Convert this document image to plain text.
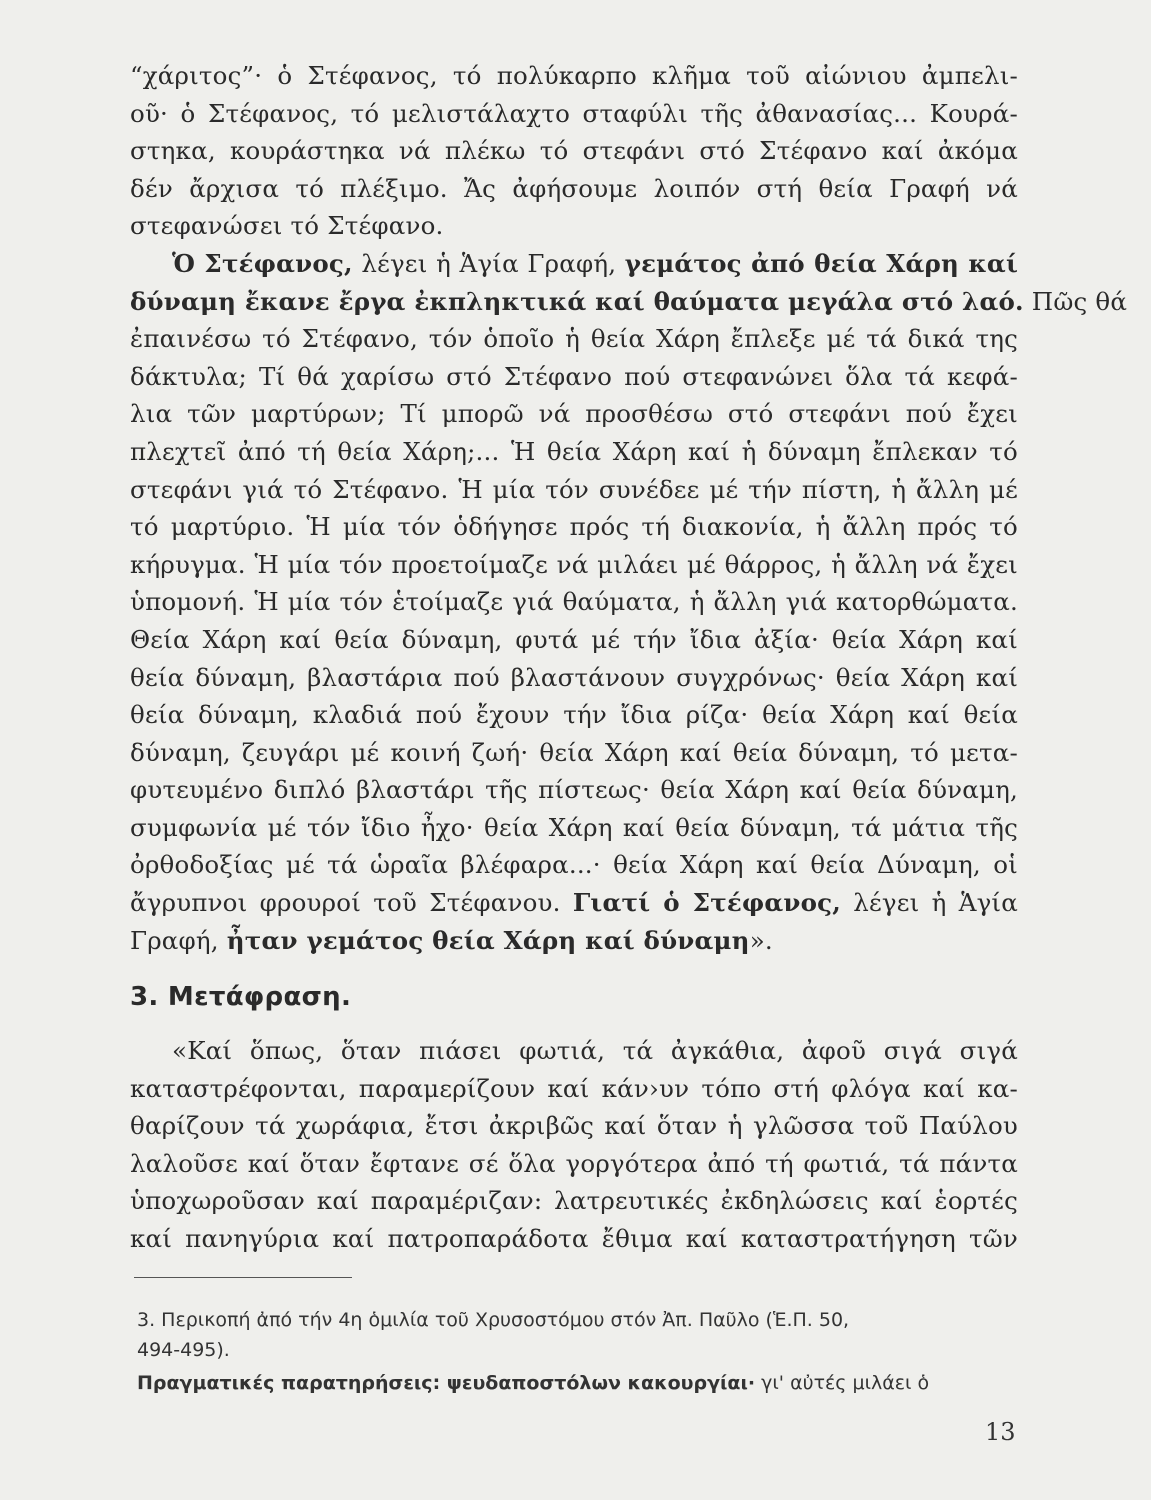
“χάριτος”· ὁ Στέφανος, τό πολύκαρπο κλῆμα τοῦ αἰώνιου ἀμπελι-
οῦ· ὁ Στέφανος, τό μελιστάλαχτο σταφύλι τῆς ἀθανασίας... Κουρά-
στηκα, κουράστηκα νά πλέκω τό στεφάνι στό Στέφανο καί ἀκόμα
δέν ἄρχισα τό πλέξιμο. Ἄς ἀφήσουμε λοιπόν στή θεία Γραφή νά
στεφανώσει τό Στέφανο.
Ὁ Στέφανος, λέγει ἡ Ἁγία Γραφή, γεμάτος ἀπό θεία Χάρη καί
δύναμη ἔκανε ἔργα ἐκπληκτικά καί θαύματα μεγάλα στό λαό. Πῶς θά
ἐπαινέσω τό Στέφανο, τόν ὁποῖο ἡ θεία Χάρη ἔπλεξε μέ τά δικά της
δάκτυλα; Τί θά χαρίσω στό Στέφανο πού στεφανώνει ὅλα τά κεφά-
λια τῶν μαρτύρων; Τί μπορῶ νά προσθέσω στό στεφάνι πού ἔχει
πλεχτεῖ ἀπό τή θεία Χάρη;... Ἡ θεία Χάρη καί ἡ δύναμη ἔπλεκαν τό
στεφάνι γιά τό Στέφανο. Ἡ μία τόν συνέδεε μέ τήν πίστη, ἡ ἄλλη μέ
τό μαρτύριο. Ἡ μία τόν ὁδήγησε πρός τή διακονία, ἡ ἄλλη πρός τό
κήρυγμα. Ἡ μία τόν προετοίμαζε νά μιλάει μέ θάρρος, ἡ ἄλλη νά ἔχει
ὑπομονή. Ἡ μία τόν ἑτοίμαζε γιά θαύματα, ἡ ἄλλη γιά κατορθώματα.
Θεία Χάρη καί θεία δύναμη, φυτά μέ τήν ἴδια ἀξία· θεία Χάρη καί
θεία δύναμη, βλαστάρια πού βλαστάνουν συγχρόνως· θεία Χάρη καί
θεία δύναμη, κλαδιά πού ἔχουν τήν ἴδια ρίζα· θεία Χάρη καί θεία
δύναμη, ζευγάρι μέ κοινή ζωή· θεία Χάρη καί θεία δύναμη, τό μετα-
φυτευμένο διπλό βλαστάρι τῆς πίστεως· θεία Χάρη καί θεία δύναμη,
συμφωνία μέ τόν ἴδιο ἦχο· θεία Χάρη καί θεία δύναμη, τά μάτια τῆς
ὀρθοδοξίας μέ τά ὡραῖα βλέφαρα...· θεία Χάρη καί θεία Δύναμη, οἱ
ἄγρυπνοι φρουροί τοῦ Στέφανου. Γιατί ὁ Στέφανος, λέγει ἡ Ἁγία
Γραφή, ἦταν γεμάτος θεία Χάρη καί δύναμη».
3. Μετάφραση.
«Καί ὅπως, ὅταν πιάσει φωτιά, τά ἀγκάθια, ἀφοῦ σιγά σιγά
καταστρέφονται, παραμερίζουν καί κάν›υν τόπο στή φλόγα καί κα-
θαρίζουν τά χωράφια, ἔτσι ἀκριβῶς καί ὅταν ἡ γλῶσσα τοῦ Παύλου
λαλοῦσε καί ὅταν ἔφτανε σέ ὅλα γοργότερα ἀπό τή φωτιά, τά πάντα
ὑποχωροῦσαν καί παραμέριζαν: λατρευτικές ἐκδηλώσεις καί ἑορτές
καί πανηγύρια καί πατροπαράδοτα ἔθιμα καί καταστρατήγηση τῶν
3. Περικοπή ἀπό τήν 4η ὁμιλία τοῦ Χρυσοστόμου στόν Ἀπ. Παῦλο (Ἑ.Π. 50,
494-495).
Πραγματικές παρατηρήσεις: ψευδαποστόλων κακουργίαι· γι' αὐτές μιλάει ὁ
13
